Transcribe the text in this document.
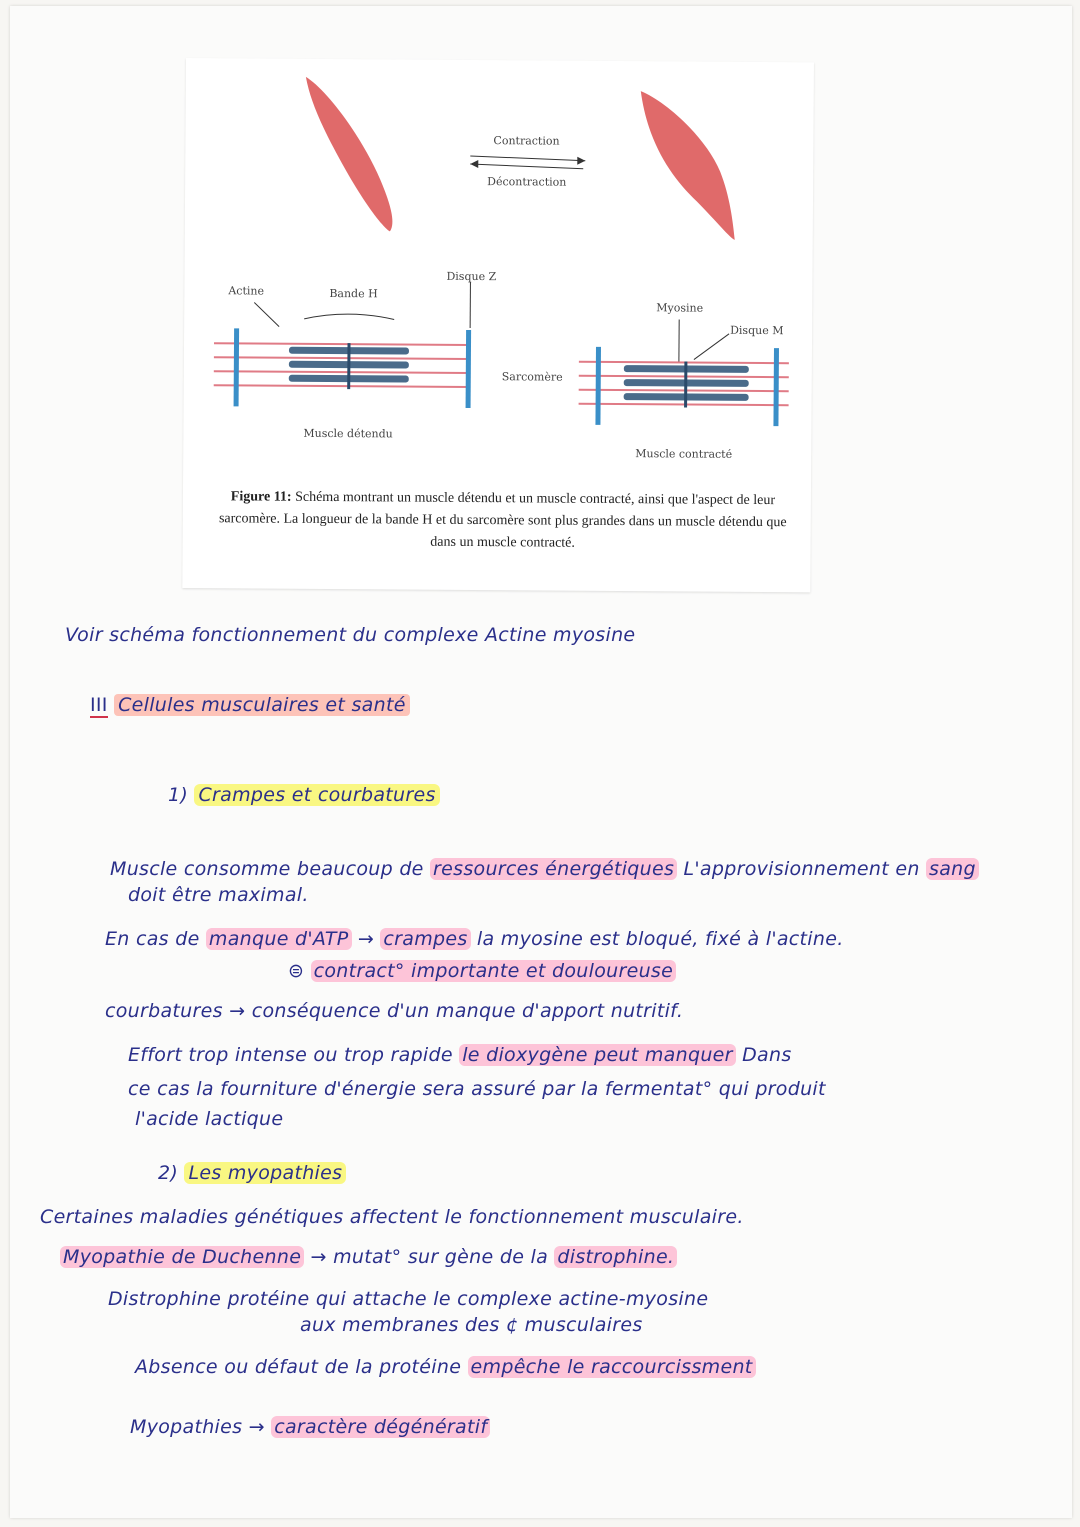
Contraction
Décontraction
Actine	Bande H
Disque Z
Myosine
Disque M
Sarcomère
Muscle détendu
Muscle contracté
Figure 11: Schéma montrant un muscle détendu et un muscle contracté, ainsi que l'aspect de leur sarcomère. La longueur de la bande H et du sarcomère sont plus grandes dans un muscle détendu que dans un muscle contracté.
Voir schéma fonctionnement du complexe Actine myosine
III Cellules musculaires et santé
1) Crampes et courbatures
Muscle consomme beaucoup de ressources énergétiques L'approvisionnement en sang
doit être maximal.
En cas de manque d'ATP → crampes la myosine est bloqué, fixé à l'actine.
⊜ contract° importante et douloureuse
courbatures → conséquence d'un manque d'apport nutritif.
Effort trop intense ou trop rapide le dioxygène peut manquer Dans
ce cas la fourniture d'énergie sera assuré par la fermentat° qui produit
l'acide lactique
2) Les myopathies
Certaines maladies génétiques affectent le fonctionnement musculaire.
Myopathie de Duchenne → mutat° sur gène de la distrophine.
Distrophine protéine qui attache le complexe actine-myosine
aux membranes des ¢ musculaires
Absence ou défaut de la protéine empêche le raccourcissment
Myopathies → caractère dégénératif
